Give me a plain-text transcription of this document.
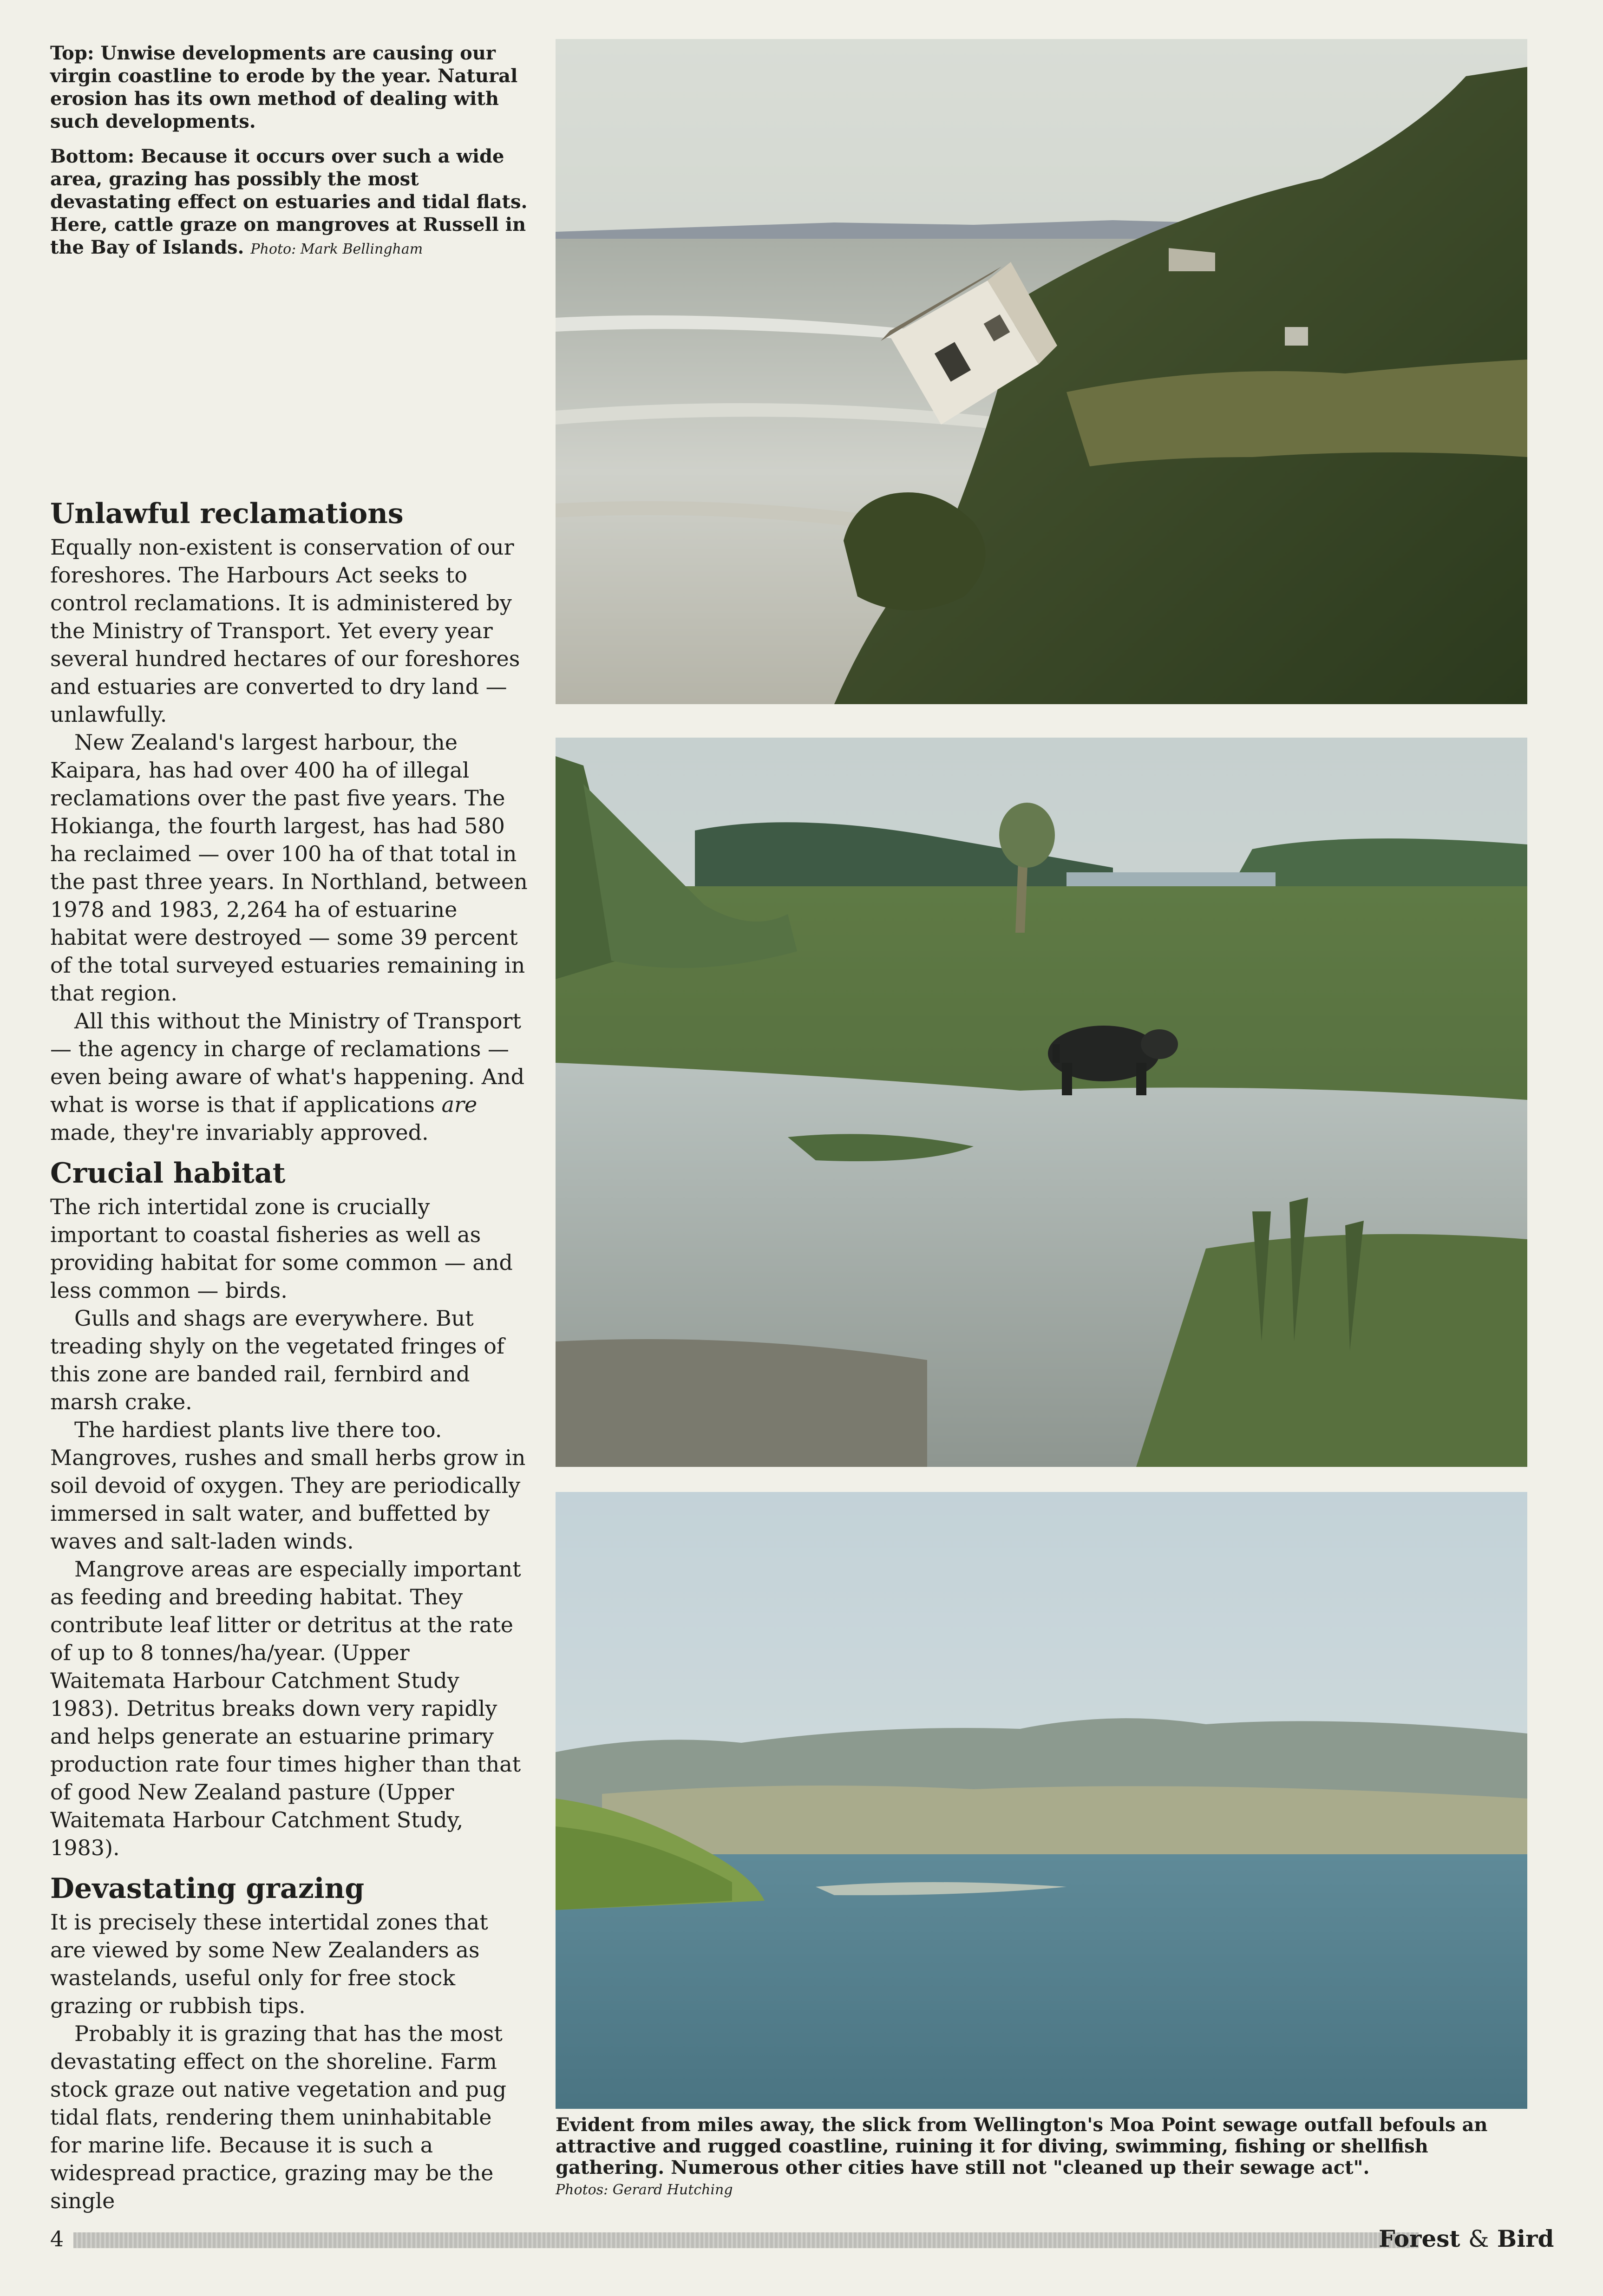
Top: Unwise developments are causing our virgin coastline to erode by the year. Natural erosion has its own method of dealing with such developments.

Bottom: Because it occurs over such a wide area, grazing has possibly the most devastating effect on estuaries and tidal flats. Here, cattle graze on mangroves at Russell in the Bay of Islands. Photo: Mark Bellingham

Unlawful reclamations

Equally non-existent is conservation of our foreshores. The Harbours Act seeks to control reclamations. It is administered by the Ministry of Transport. Yet every year several hundred hectares of our foreshores and estuaries are converted to dry land — unlawfully.

New Zealand's largest harbour, the Kaipara, has had over 400 ha of illegal reclamations over the past five years. The Hokianga, the fourth largest, has had 580 ha reclaimed — over 100 ha of that total in the past three years. In Northland, between 1978 and 1983, 2,264 ha of estuarine habitat were destroyed — some 39 percent of the total surveyed estuaries remaining in that region.

All this without the Ministry of Transport — the agency in charge of reclamations — even being aware of what's happening. And what is worse is that if applications are made, they're invariably approved.

Crucial habitat

The rich intertidal zone is crucially important to coastal fisheries as well as providing habitat for some common — and less common — birds.

Gulls and shags are everywhere. But treading shyly on the vegetated fringes of this zone are banded rail, fernbird and marsh crake.

The hardiest plants live there too. Mangroves, rushes and small herbs grow in soil devoid of oxygen. They are periodically immersed in salt water, and buffetted by waves and salt-laden winds.

Mangrove areas are especially important as feeding and breeding habitat. They contribute leaf litter or detritus at the rate of up to 8 tonnes/ha/year. (Upper Waitemata Harbour Catchment Study 1983). Detritus breaks down very rapidly and helps generate an estuarine primary production rate four times higher than that of good New Zealand pasture (Upper Waitemata Harbour Catchment Study, 1983).

Devastating grazing

It is precisely these intertidal zones that are viewed by some New Zealanders as wastelands, useful only for free stock grazing or rubbish tips.

Probably it is grazing that has the most devastating effect on the shoreline. Farm stock graze out native vegetation and pug tidal flats, rendering them uninhabitable for marine life. Because it is such a widespread practice, grazing may be the single

Evident from miles away, the slick from Wellington's Moa Point sewage outfall befouls an attractive and rugged coastline, ruining it for diving, swimming, fishing or shellfish gathering. Numerous other cities have still not "cleaned up their sewage act".
Photos: Gerard Hutching
4	Forest & Bird
